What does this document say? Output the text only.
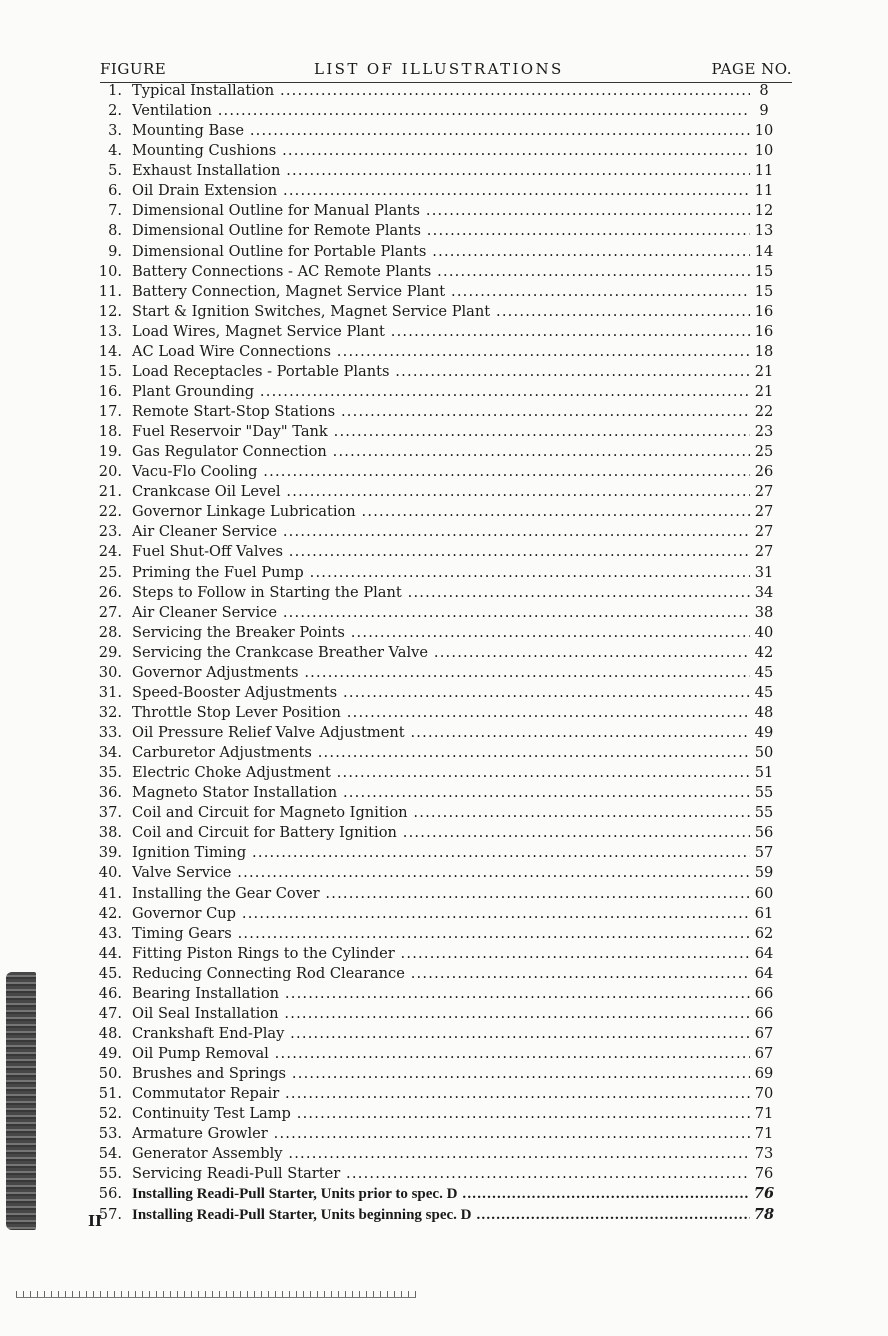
FIGURE	LIST OF ILLUSTRATIONS	PAGE NO.
1. Typical Installation .....	8
2. Ventilation .....	9
3. Mounting Base .....	10
4. Mounting Cushions .....	10
5. Exhaust Installation .....	11
6. Oil Drain Extension .....	11
7. Dimensional Outline for Manual Plants .....	12
8. Dimensional Outline for Remote Plants .....	13
9. Dimensional Outline for Portable Plants .....	14
10. Battery Connections - AC Remote Plants .....	15
11. Battery Connection, Magnet Service Plant .....	15
12. Start & Ignition Switches, Magnet Service Plant .....	16
13. Load Wires, Magnet Service Plant .....	16
14. AC Load Wire Connections .....	18
15. Load Receptacles - Portable Plants .....	21
16. Plant Grounding .....	21
17. Remote Start-Stop Stations .....	22
18. Fuel Reservoir "Day" Tank .....	23
19. Gas Regulator Connection .....	25
20. Vacu-Flo Cooling .....	26
21. Crankcase Oil Level .....	27
22. Governor Linkage Lubrication .....	27
23. Air Cleaner Service .....	27
24. Fuel Shut-Off Valves .....	27
25. Priming the Fuel Pump .....	31
26. Steps to Follow in Starting the Plant .....	34
27. Air Cleaner Service .....	38
28. Servicing the Breaker Points .....	40
29. Servicing the Crankcase Breather Valve .....	42
30. Governor Adjustments .....	45
31. Speed-Booster Adjustments .....	45
32. Throttle Stop Lever Position .....	48
33. Oil Pressure Relief Valve Adjustment .....	49
34. Carburetor Adjustments .....	50
35. Electric Choke Adjustment .....	51
36. Magneto Stator Installation .....	55
37. Coil and Circuit for Magneto Ignition .....	55
38. Coil and Circuit for Battery Ignition .....	56
39. Ignition Timing .....	57
40. Valve Service .....	59
41. Installing the Gear Cover .....	60
42. Governor Cup .....	61
43. Timing Gears .....	62
44. Fitting Piston Rings to the Cylinder .....	64
45. Reducing Connecting Rod Clearance .....	64
46. Bearing Installation .....	66
47. Oil Seal Installation .....	66
48. Crankshaft End-Play .....	67
49. Oil Pump Removal .....	67
50. Brushes and Springs .....	69
51. Commutator Repair .....	70
52. Continuity Test Lamp .....	71
53. Armature Growler .....	71
54. Generator Assembly .....	73
55. Servicing Readi-Pull Starter .....	76
56. Installing Readi-Pull Starter, Units prior to spec. D .....	76
57. Installing Readi-Pull Starter, Units beginning spec. D .....	78
II
